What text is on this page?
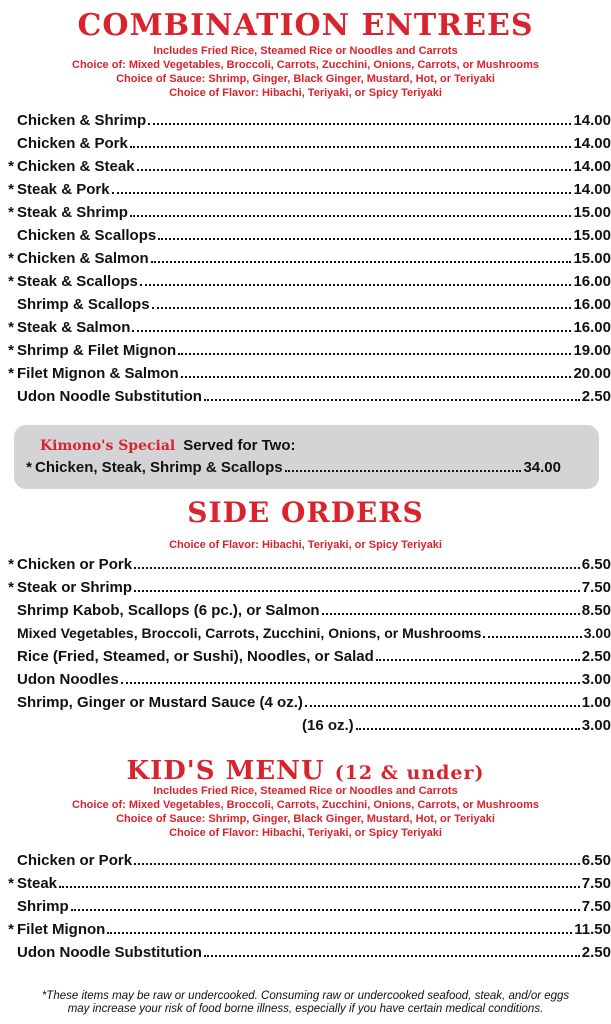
COMBINATION ENTREES
Includes Fried Rice, Steamed Rice or Noodles and Carrots
Choice of: Mixed Vegetables, Broccoli, Carrots, Zucchini, Onions, Carrots, or Mushrooms
Choice of Sauce: Shrimp, Ginger, Black Ginger, Mustard, Hot, or Teriyaki
Choice of Flavor: Hibachi, Teriyaki, or Spicy Teriyaki
Chicken & Shrimp	14.00
Chicken & Pork	14.00
* Chicken & Steak	14.00
* Steak & Pork	14.00
* Steak & Shrimp	15.00
Chicken & Scallops	15.00
* Chicken & Salmon	15.00
* Steak & Scallops	16.00
Shrimp & Scallops	16.00
* Steak & Salmon	16.00
* Shrimp & Filet Mignon	19.00
* Filet Mignon & Salmon	20.00
Udon Noodle Substitution	2.50
Kimono's Special Served for Two:
* Chicken, Steak, Shrimp & Scallops	34.00
SIDE ORDERS
Choice of Flavor: Hibachi, Teriyaki, or Spicy Teriyaki
* Chicken or Pork	6.50
* Steak or Shrimp	7.50
Shrimp Kabob, Scallops (6 pc.), or Salmon	8.50
Mixed Vegetables, Broccoli, Carrots, Zucchini, Onions, or Mushrooms	3.00
Rice (Fried, Steamed, or Sushi), Noodles, or Salad	2.50
Udon Noodles	3.00
Shrimp, Ginger or Mustard Sauce (4 oz.)	1.00
(16 oz.)	3.00
KID'S MENU (12 & under)
Includes Fried Rice, Steamed Rice or Noodles and Carrots
Choice of: Mixed Vegetables, Broccoli, Carrots, Zucchini, Onions, Carrots, or Mushrooms
Choice of Sauce: Shrimp, Ginger, Black Ginger, Mustard, Hot, or Teriyaki
Choice of Flavor: Hibachi, Teriyaki, or Spicy Teriyaki
Chicken or Pork	6.50
* Steak	7.50
Shrimp	7.50
* Filet Mignon	11.50
Udon Noodle Substitution	2.50
*These items may be raw or undercooked. Consuming raw or undercooked seafood, steak, and/or eggs
may increase your risk of food borne illness, especially if you have certain medical conditions.
